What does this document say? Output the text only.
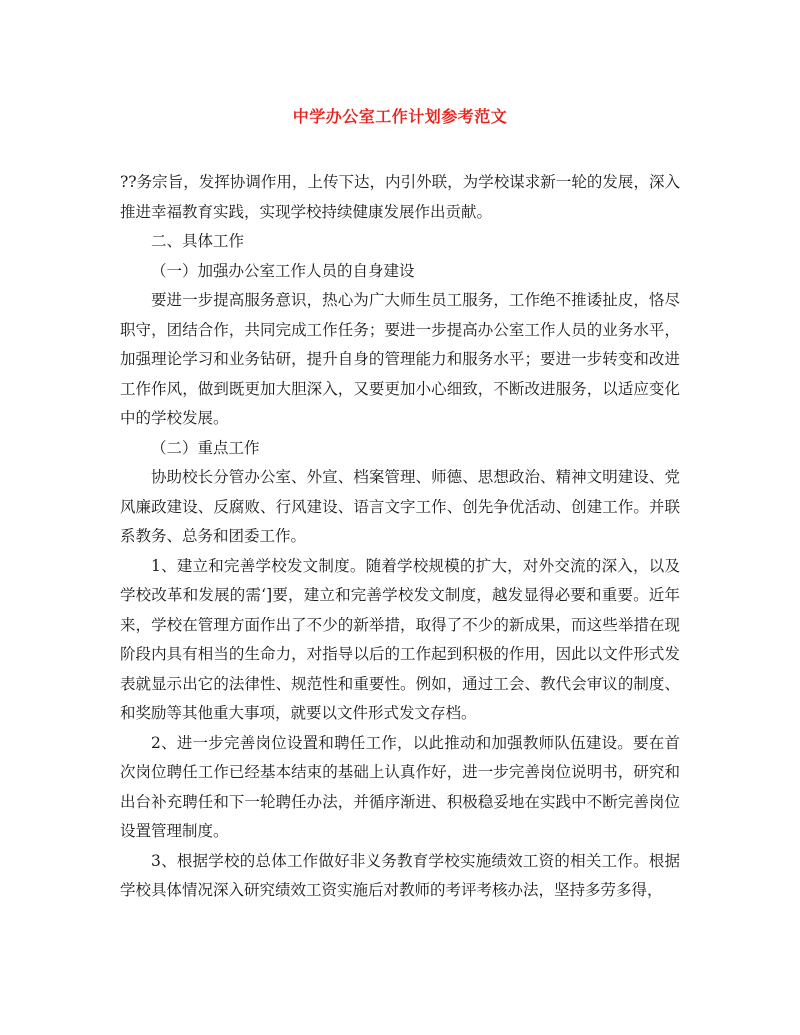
中学办公室工作计划参考范文

??务宗旨，发挥协调作用，上传下达，内引外联，为学校谋求新一轮的发展，深入推进幸福教育实践，实现学校持续健康发展作出贡献。

二、具体工作

（一）加强办公室工作人员的自身建设

要进一步提高服务意识，热心为广大师生员工服务，工作绝不推诿扯皮，恪尽职守，团结合作，共同完成工作任务；要进一步提高办公室工作人员的业务水平，加强理论学习和业务钻研，提升自身的管理能力和服务水平；要进一步转变和改进工作作风，做到既更加大胆深入，又要更加小心细致，不断改进服务，以适应变化中的学校发展。

（二）重点工作

协助校长分管办公室、外宣、档案管理、师德、思想政治、精神文明建设、党风廉政建设、反腐败、行风建设、语言文字工作、创先争优活动、创建工作。并联系教务、总务和团委工作。

1、建立和完善学校发文制度。随着学校规模的扩大，对外交流的深入，以及学校改革和发展的需‘]要，建立和完善学校发文制度，越发显得必要和重要。近年来，学校在管理方面作出了不少的新举措，取得了不少的新成果，而这些举措在现阶段内具有相当的生命力，对指导以后的工作起到积极的作用，因此以文件形式发表就显示出它的法律性、规范性和重要性。例如，通过工会、教代会审议的制度、和奖励等其他重大事项，就要以文件形式发文存档。

2、进一步完善岗位设置和聘任工作，以此推动和加强教师队伍建设。要在首次岗位聘任工作已经基本结束的基础上认真作好，进一步完善岗位说明书，研究和出台补充聘任和下一轮聘任办法，并循序渐进、积极稳妥地在实践中不断完善岗位设置管理制度。

3、根据学校的总体工作做好非义务教育学校实施绩效工资的相关工作。根据学校具体情况深入研究绩效工资实施后对教师的考评考核办法，坚持多劳多得，
